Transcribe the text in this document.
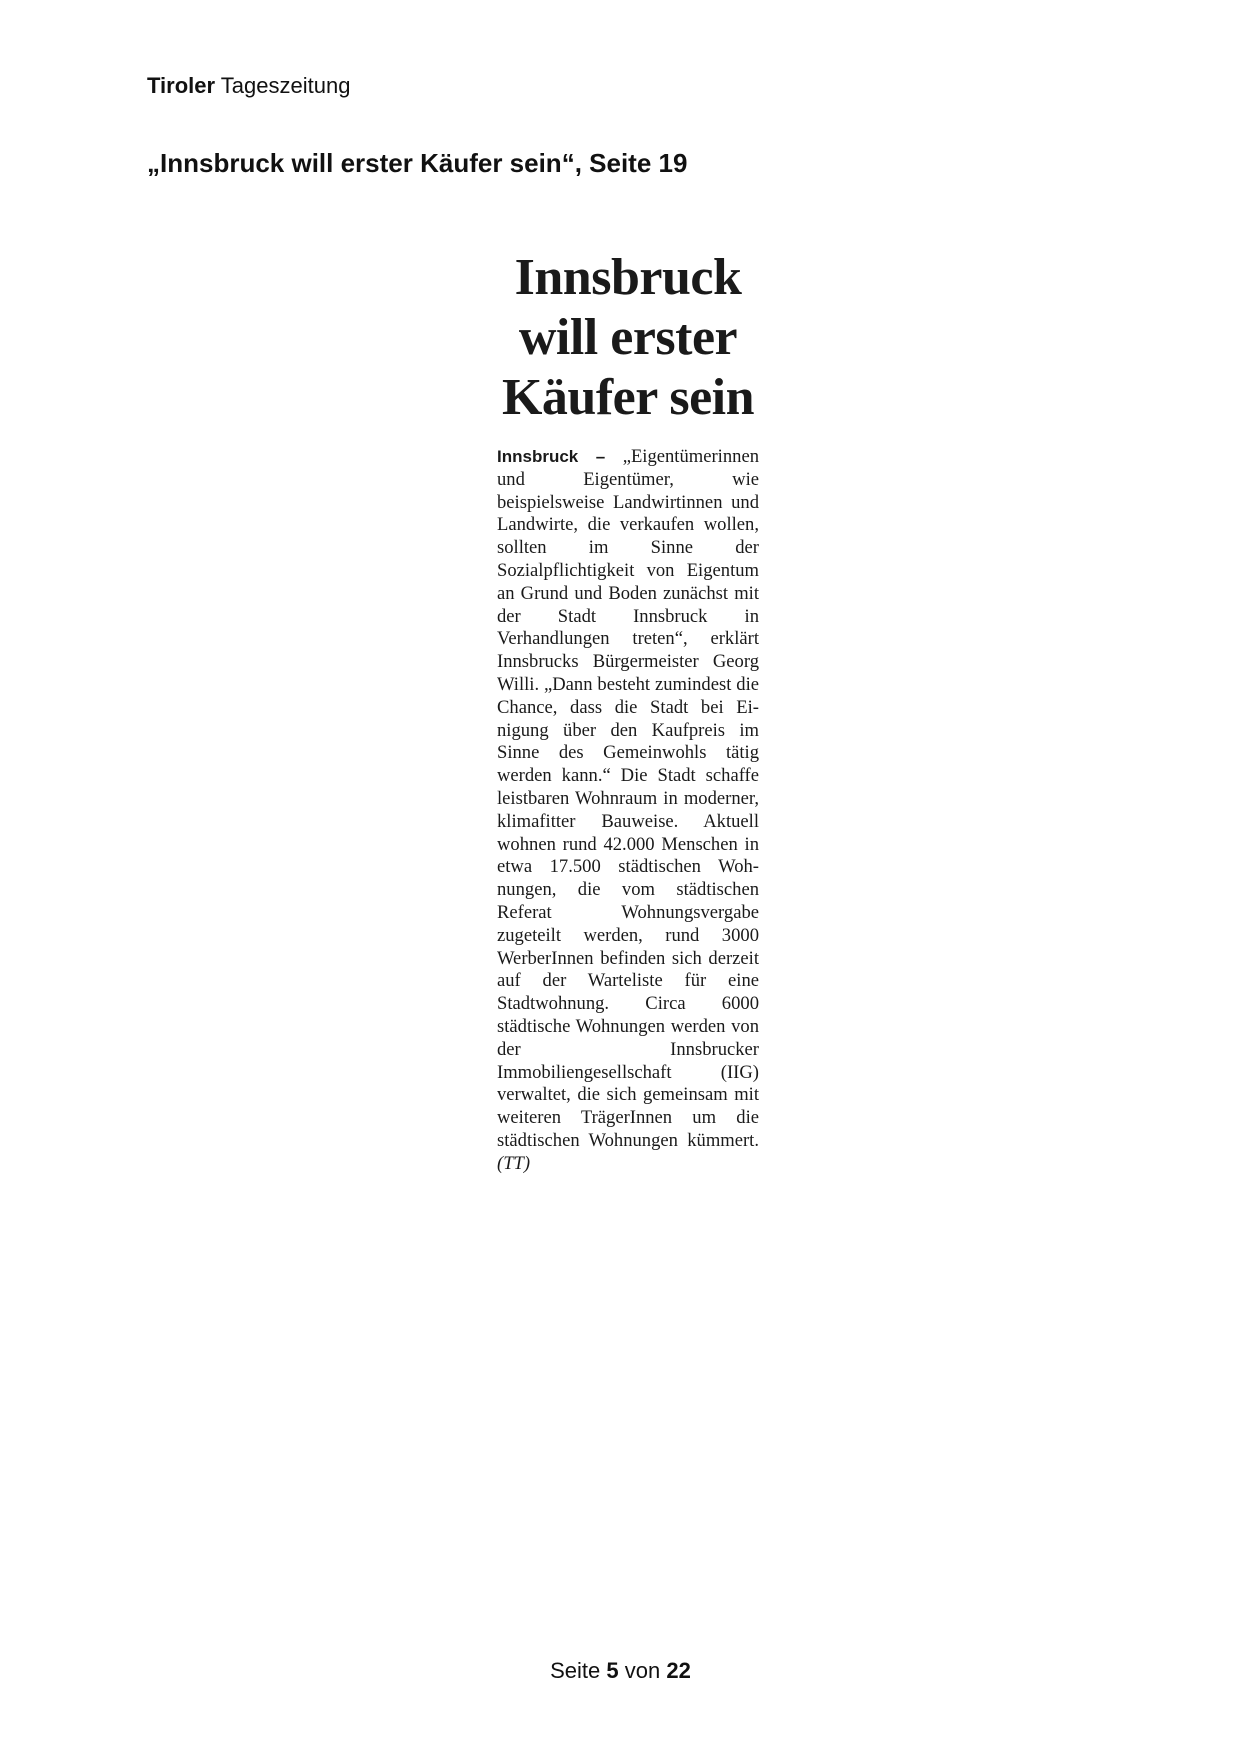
Tiroler Tageszeitung
„Innsbruck will erster Käufer sein“, Seite 19
Innsbruck
will erster
Käufer sein

Innsbruck – „Eigentümerinnen und Eigentümer, wie beispielsweise Landwirtinnen und Landwirte, die verkaufen wollen, sollten im Sinne der Sozialpflichtigkeit von Eigentum an Grund und Boden zunächst mit der Stadt Innsbruck in Verhandlungen treten“, erklärt Innsbrucks Bürgermeister Georg Willi. „Dann besteht zumindest die Chance, dass die Stadt bei Einigung über den Kaufpreis im Sinne des Gemeinwohls tätig werden kann.“ Die Stadt schaffe leistbaren Wohnraum in moderner, klimafitter Bauweise. Aktuell wohnen rund 42.000 Menschen in etwa 17.500 städtischen Wohnungen, die vom städtischen Referat Wohnungsvergabe zugeteilt werden, rund 3000 WerberInnen befinden sich derzeit auf der Warteliste für eine Stadtwohnung. Circa 6000 städtische Wohnungen werden von der Innsbrucker Immobiliengesellschaft (IIG) verwaltet, die sich gemeinsam mit weiteren TrägerInnen um die städtischen Wohnungen kümmert. (TT)

Seite 5 von 22
